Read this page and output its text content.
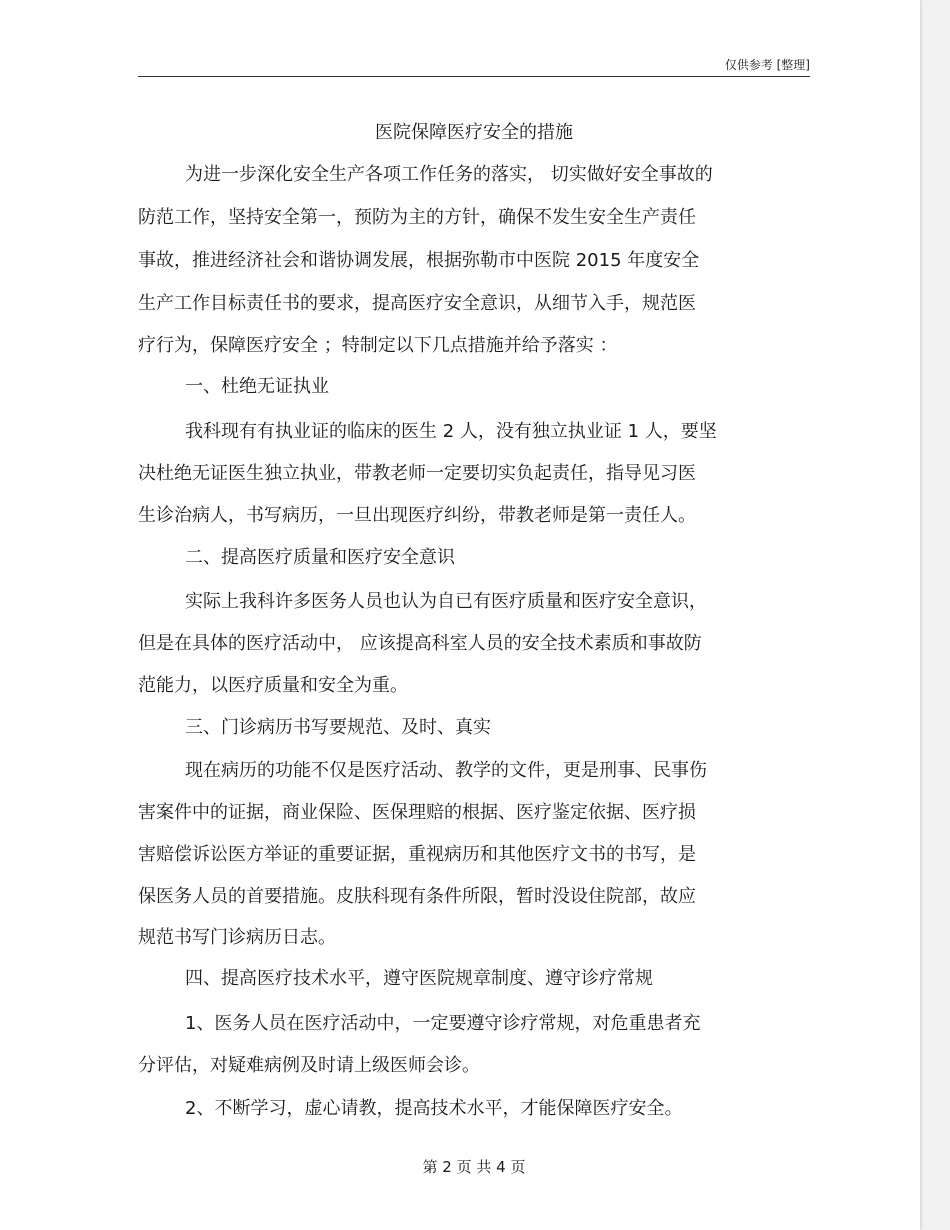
仅供参考 [整理]
医院保障医疗安全的措施
为进一步深化安全生产各项工作任务的落实， 切实做好安全事故的
防范工作，坚持安全第一，预防为主的方针，确保不发生安全生产责任
事故，推进经济社会和谐协调发展，根据弥勒市中医院 2015 年度安全
生产工作目标责任书的要求，提高医疗安全意识，从细节入手，规范医
疗行为，保障医疗安全 ；特制定以下几点措施并给予落实 ：
一、杜绝无证执业
我科现有有执业证的临床的医生 2 人，没有独立执业证 1 人，要坚
决杜绝无证医生独立执业，带教老师一定要切实负起责任，指导见习医
生诊治病人，书写病历，一旦出现医疗纠纷，带教老师是第一责任人。
二、提高医疗质量和医疗安全意识
实际上我科许多医务人员也认为自已有医疗质量和医疗安全意识，
但是在具体的医疗活动中， 应该提高科室人员的安全技术素质和事故防
范能力，以医疗质量和安全为重。
三、门诊病历书写要规范、及时、真实
现在病历的功能不仅是医疗活动、教学的文件，更是刑事、民事伤
害案件中的证据，商业保险、医保理赔的根据、医疗鉴定依据、医疗损
害赔偿诉讼医方举证的重要证据，重视病历和其他医疗文书的书写，是
保医务人员的首要措施。皮肤科现有条件所限，暂时没设住院部，故应
规范书写门诊病历日志。
四、提高医疗技术水平，遵守医院规章制度、遵守诊疗常规
1、医务人员在医疗活动中，一定要遵守诊疗常规，对危重患者充
分评估，对疑难病例及时请上级医师会诊。
2、不断学习，虚心请教，提高技术水平，才能保障医疗安全。
第 2 页 共 4 页
